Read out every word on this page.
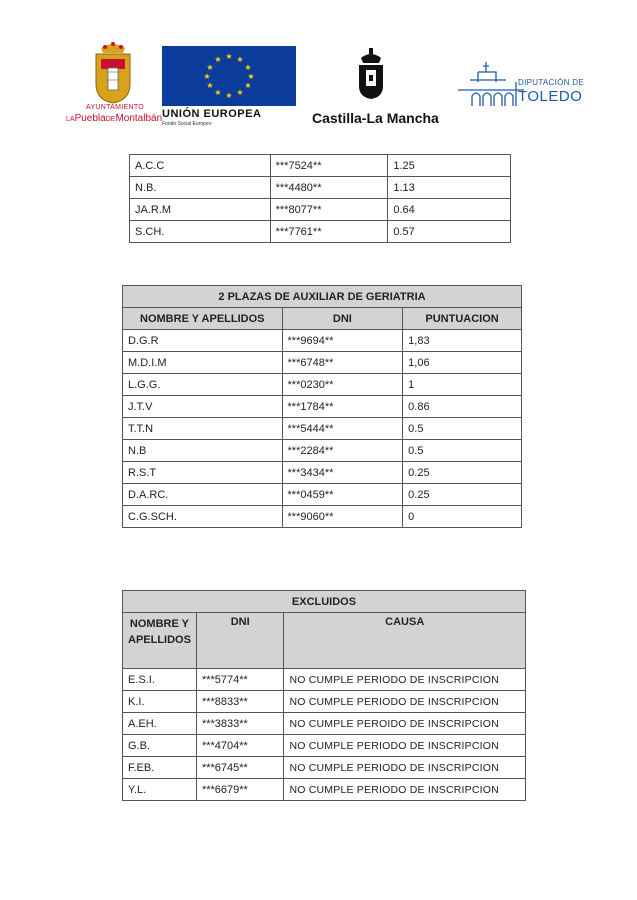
AYUNTAMIENTO
LAPueblaDEMontalbán
★ ★
★
★
★
★
★
★
★
★
★
★
UNIÓN EUROPEA
Fondo Social Europeo	Castilla-La Mancha
DIPUTACIÓN DE
TOLEDO
A.C.C	***7524**	1.25
N.B.	***4480**	1.13
JA.R.M	***8077**	0.64
S.CH.	***7761**	0.57
2 PLAZAS DE AUXILIAR DE GERIATRIA		
NOMBRE Y APELLIDOS	DNI	PUNTUACION
D.G.R	***9694**	1,83
M.D.I.M	***6748**	1,06
L.G.G.	***0230**	1
J.T.V	***1784**	0.86
T.T.N	***5444**	0.5
N.B	***2284**	0.5
R.S.T	***3434**	0.25
D.A.RC.	***0459**	0.25
C.G.SCH.	***9060**	0
EXCLUIDOS		
NOMBRE Y APELLIDOS	DNI	CAUSA
E.S.I.	***5774**	NO CUMPLE PERIODO DE INSCRIPCION
K.I.	***8833**	NO CUMPLE PERIODO DE INSCRIPCION
A.EH.	***3833**	NO CUMPLE PEROIDO DE INSCRIPCION
G.B.	***4704**	NO CUMPLE PERIODO DE INSCRIPCION
F.EB.	***6745**	NO CUMPLE PERIODO DE INSCRIPCION
Y.L.	***6679**	NO CUMPLE PERIODO DE INSCRIPCION
